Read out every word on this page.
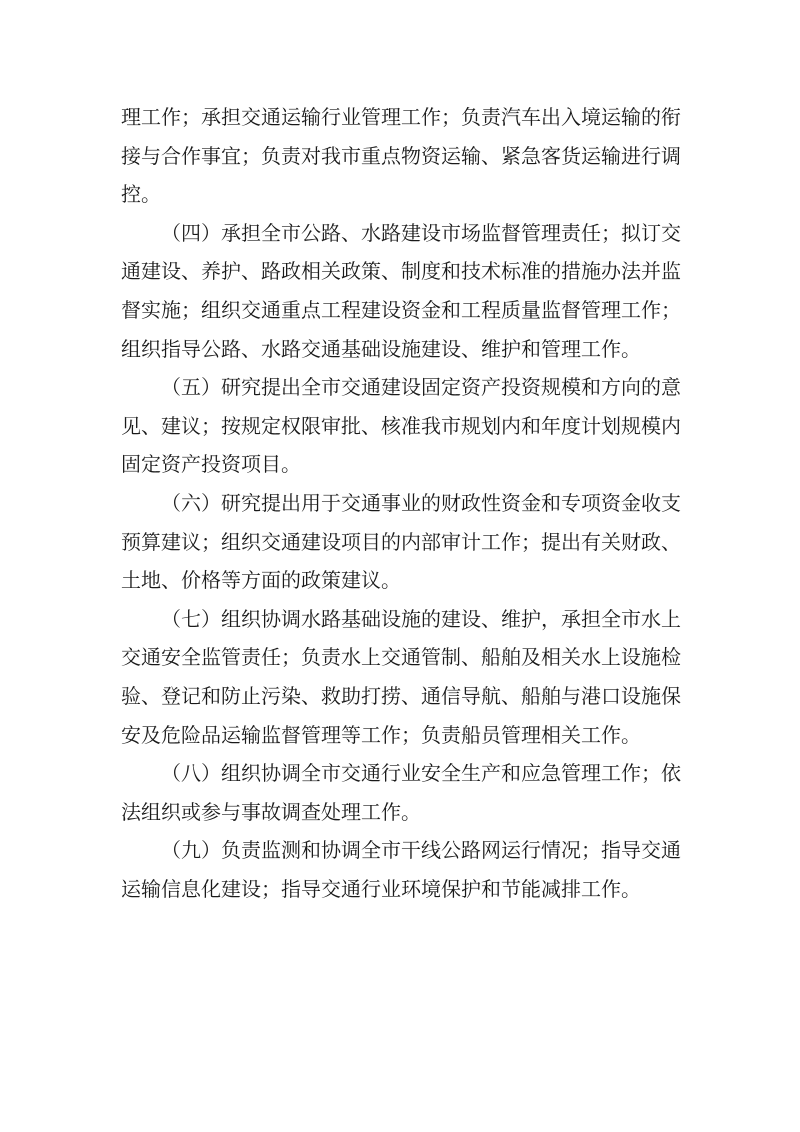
理工作；承担交通运输行业管理工作；负责汽车出入境运输的衔接与合作事宜；负责对我市重点物资运输、紧急客货运输进行调控。

（四）承担全市公路、水路建设市场监督管理责任；拟订交通建设、养护、路政相关政策、制度和技术标准的措施办法并监督实施；组织交通重点工程建设资金和工程质量监督管理工作；组织指导公路、水路交通基础设施建设、维护和管理工作。

（五）研究提出全市交通建设固定资产投资规模和方向的意见、建议；按规定权限审批、核准我市规划内和年度计划规模内固定资产投资项目。

（六）研究提出用于交通事业的财政性资金和专项资金收支预算建议；组织交通建设项目的内部审计工作；提出有关财政、土地、价格等方面的政策建议。

（七）组织协调水路基础设施的建设、维护，承担全市水上交通安全监管责任；负责水上交通管制、船舶及相关水上设施检验、登记和防止污染、救助打捞、通信导航、船舶与港口设施保安及危险品运输监督管理等工作；负责船员管理相关工作。

（八）组织协调全市交通行业安全生产和应急管理工作；依法组织或参与事故调查处理工作。

（九）负责监测和协调全市干线公路网运行情况；指导交通运输信息化建设；指导交通行业环境保护和节能减排工作。
